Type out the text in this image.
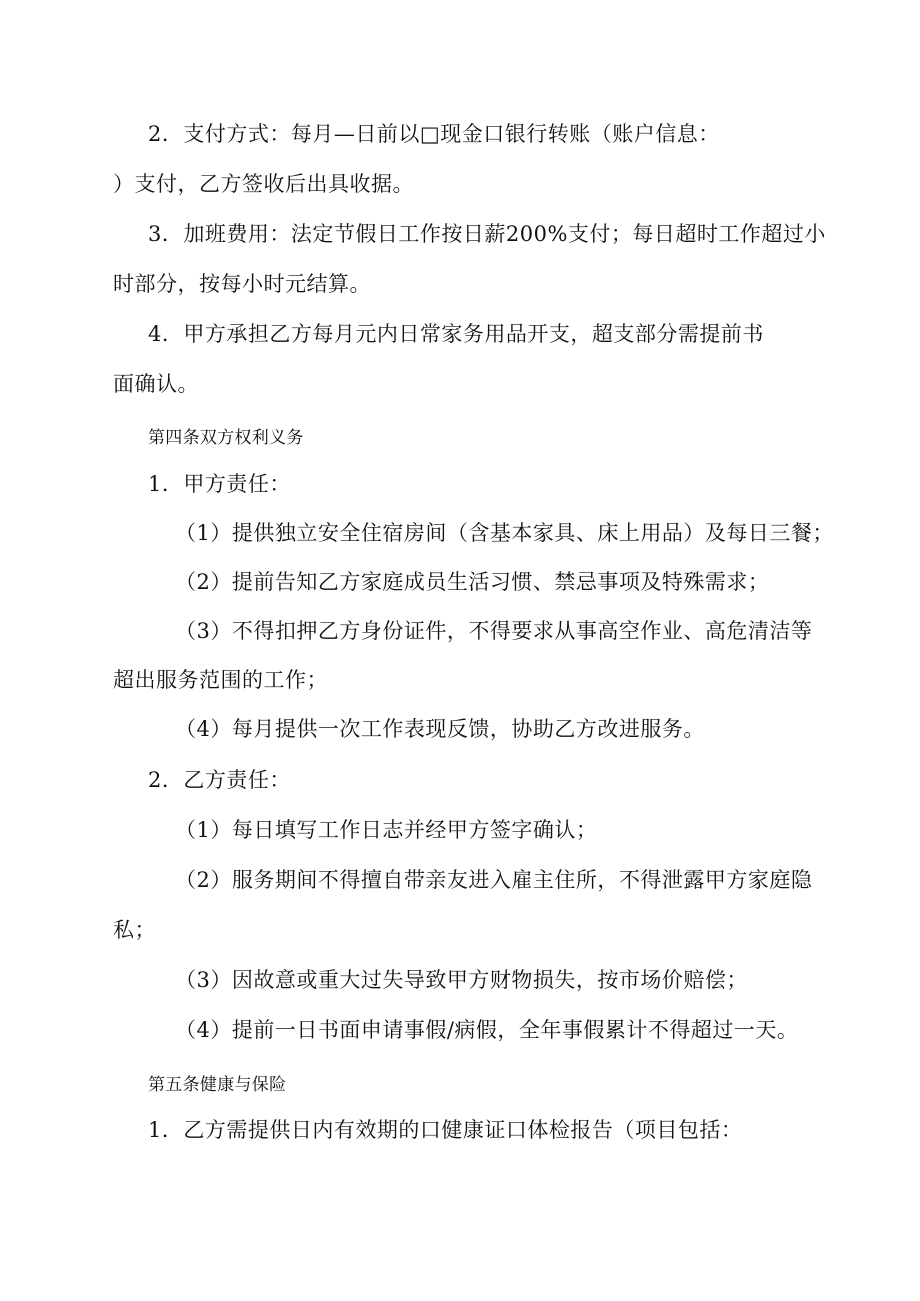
2．支付方式：每月—日前以□现金口银行转账（账户信息：
）支付，乙方签收后出具收据。
3．加班费用：法定节假日工作按日薪200%支付；每日超时工作超过小
时部分，按每小时元结算。
4．甲方承担乙方每月元内日常家务用品开支，超支部分需提前书
面确认。
第四条双方权利义务
1．甲方责任：
（1）提供独立安全住宿房间（含基本家具、床上用品）及每日三餐；
（2）提前告知乙方家庭成员生活习惯、禁忌事项及特殊需求；
（3）不得扣押乙方身份证件，不得要求从事高空作业、高危清洁等
超出服务范围的工作；
（4）每月提供一次工作表现反馈，协助乙方改进服务。
2．乙方责任：
（1）每日填写工作日志并经甲方签字确认；
（2）服务期间不得擅自带亲友进入雇主住所，不得泄露甲方家庭隐
私；
（3）因故意或重大过失导致甲方财物损失，按市场价赔偿；
（4）提前一日书面申请事假/病假，全年事假累计不得超过一天。
第五条健康与保险
1．乙方需提供日内有效期的口健康证口体检报告（项目包括：
